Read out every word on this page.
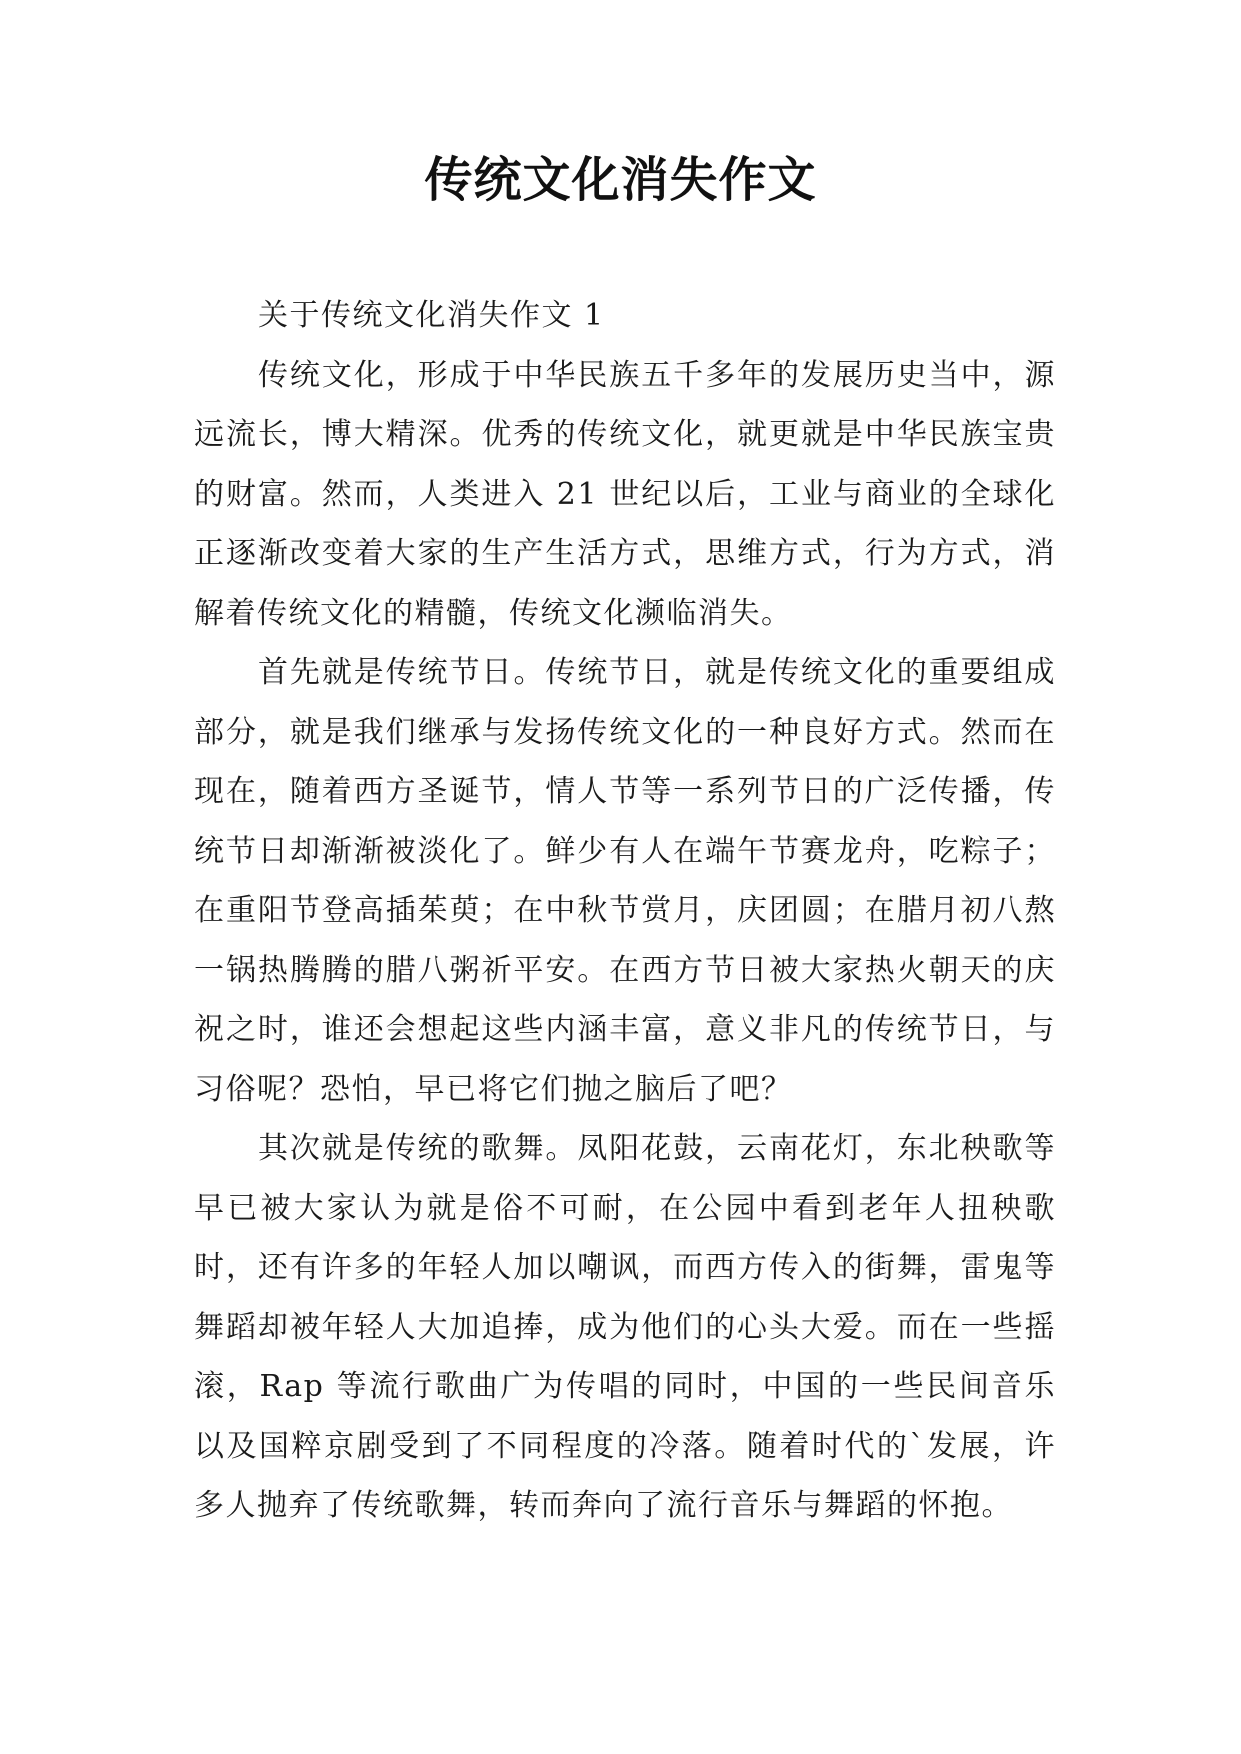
传统文化消失作文

关于传统文化消失作文 1

传统文化，形成于中华民族五千多年的发展历史当中，源远流长，博大精深。优秀的传统文化，就更就是中华民族宝贵的财富。然而，人类进入 21 世纪以后，工业与商业的全球化正逐渐改变着大家的生产生活方式，思维方式，行为方式，消解着传统文化的精髓，传统文化濒临消失。

首先就是传统节日。传统节日，就是传统文化的重要组成部分，就是我们继承与发扬传统文化的一种良好方式。然而在现在，随着西方圣诞节，情人节等一系列节日的广泛传播，传统节日却渐渐被淡化了。鲜少有人在端午节赛龙舟，吃粽子；在重阳节登高插茱萸；在中秋节赏月，庆团圆；在腊月初八熬一锅热腾腾的腊八粥祈平安。在西方节日被大家热火朝天的庆祝之时，谁还会想起这些内涵丰富，意义非凡的传统节日，与习俗呢？恐怕，早已将它们抛之脑后了吧？

其次就是传统的歌舞。凤阳花鼓，云南花灯，东北秧歌等早已被大家认为就是俗不可耐，在公园中看到老年人扭秧歌时，还有许多的年轻人加以嘲讽，而西方传入的街舞，雷鬼等舞蹈却被年轻人大加追捧，成为他们的心头大爱。而在一些摇滚，Rap 等流行歌曲广为传唱的同时，中国的一些民间音乐以及国粹京剧受到了不同程度的冷落。随着时代的`发展，许多人抛弃了传统歌舞，转而奔向了流行音乐与舞蹈的怀抱。
